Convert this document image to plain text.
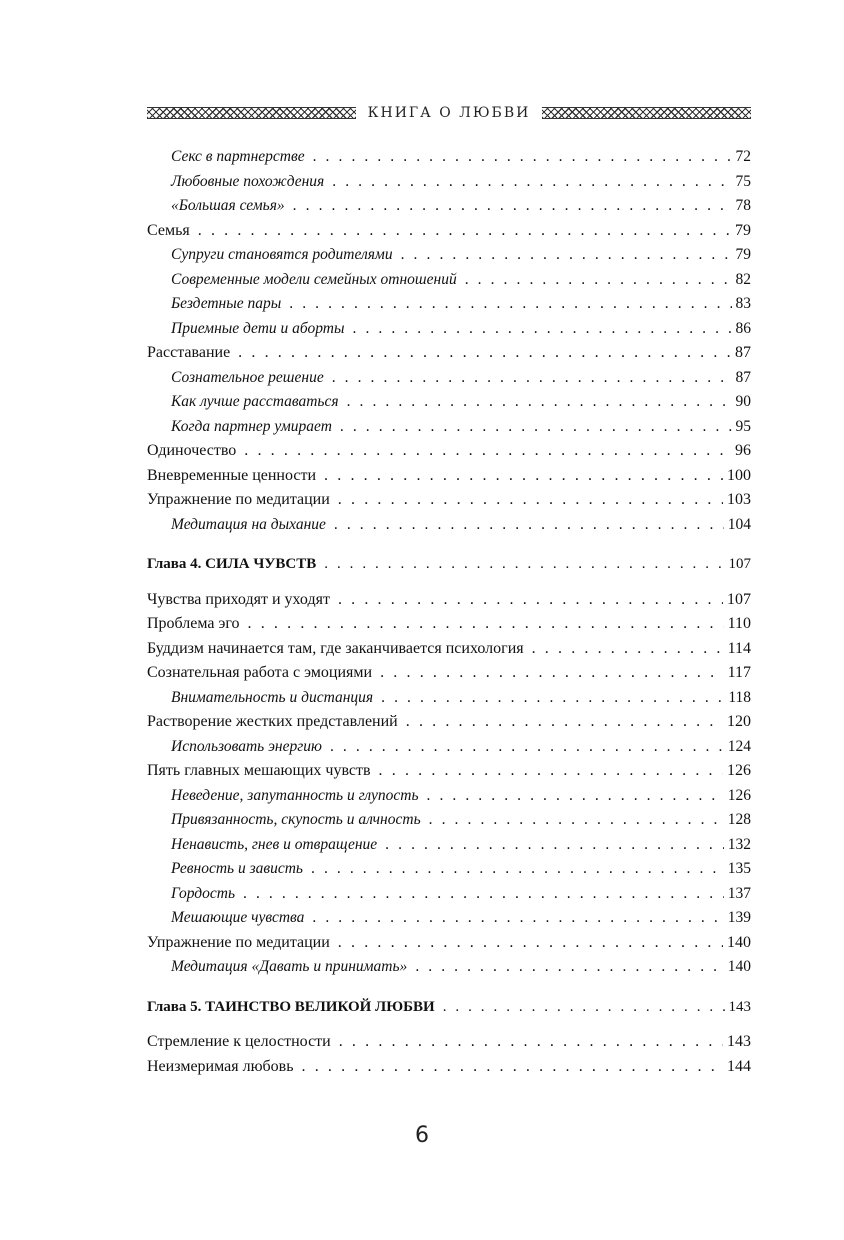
КНИГА О ЛЮБВИ
Секс в партнерстве . . .	72
Любовные похождения . . .	75
«Большая семья» . . .	78
Семья . . .	79
Супруги становятся родителями . . .	79
Современные модели семейных отношений . . .	82
Бездетные пары . . .	83
Приемные дети и аборты . . .	86
Расставание . . .	87
Сознательное решение . . .	87
Как лучше расставаться . . .	90
Когда партнер умирает . . .	95
Одиночество . . .	96
Вневременные ценности . . .	100
Упражнение по медитации . . .	103
Медитация на дыхание . . .	104
Глава 4. СИЛА ЧУВСТВ . . .	107
Чувства приходят и уходят . . .	107
Проблема эго . . .	110
Буддизм начинается там, где заканчивается психология . . .	114
Сознательная работа с эмоциями . . .	117
Внимательность и дистанция . . .	118
Растворение жестких представлений . . .	120
Использовать энергию . . .	124
Пять главных мешающих чувств . . .	126
Неведение, запутанность и глупость . . .	126
Привязанность, скупость и алчность . . .	128
Ненависть, гнев и отвращение . . .	132
Ревность и зависть . . .	135
Гордость . . .	137
Мешающие чувства . . .	139
Упражнение по медитации . . .	140
Медитация «Давать и принимать» . . .	140
Глава 5. ТАИНСТВО ВЕЛИКОЙ ЛЮБВИ . . .	143
Стремление к целостности . . .	143
Неизмеримая любовь . . .	144
6
